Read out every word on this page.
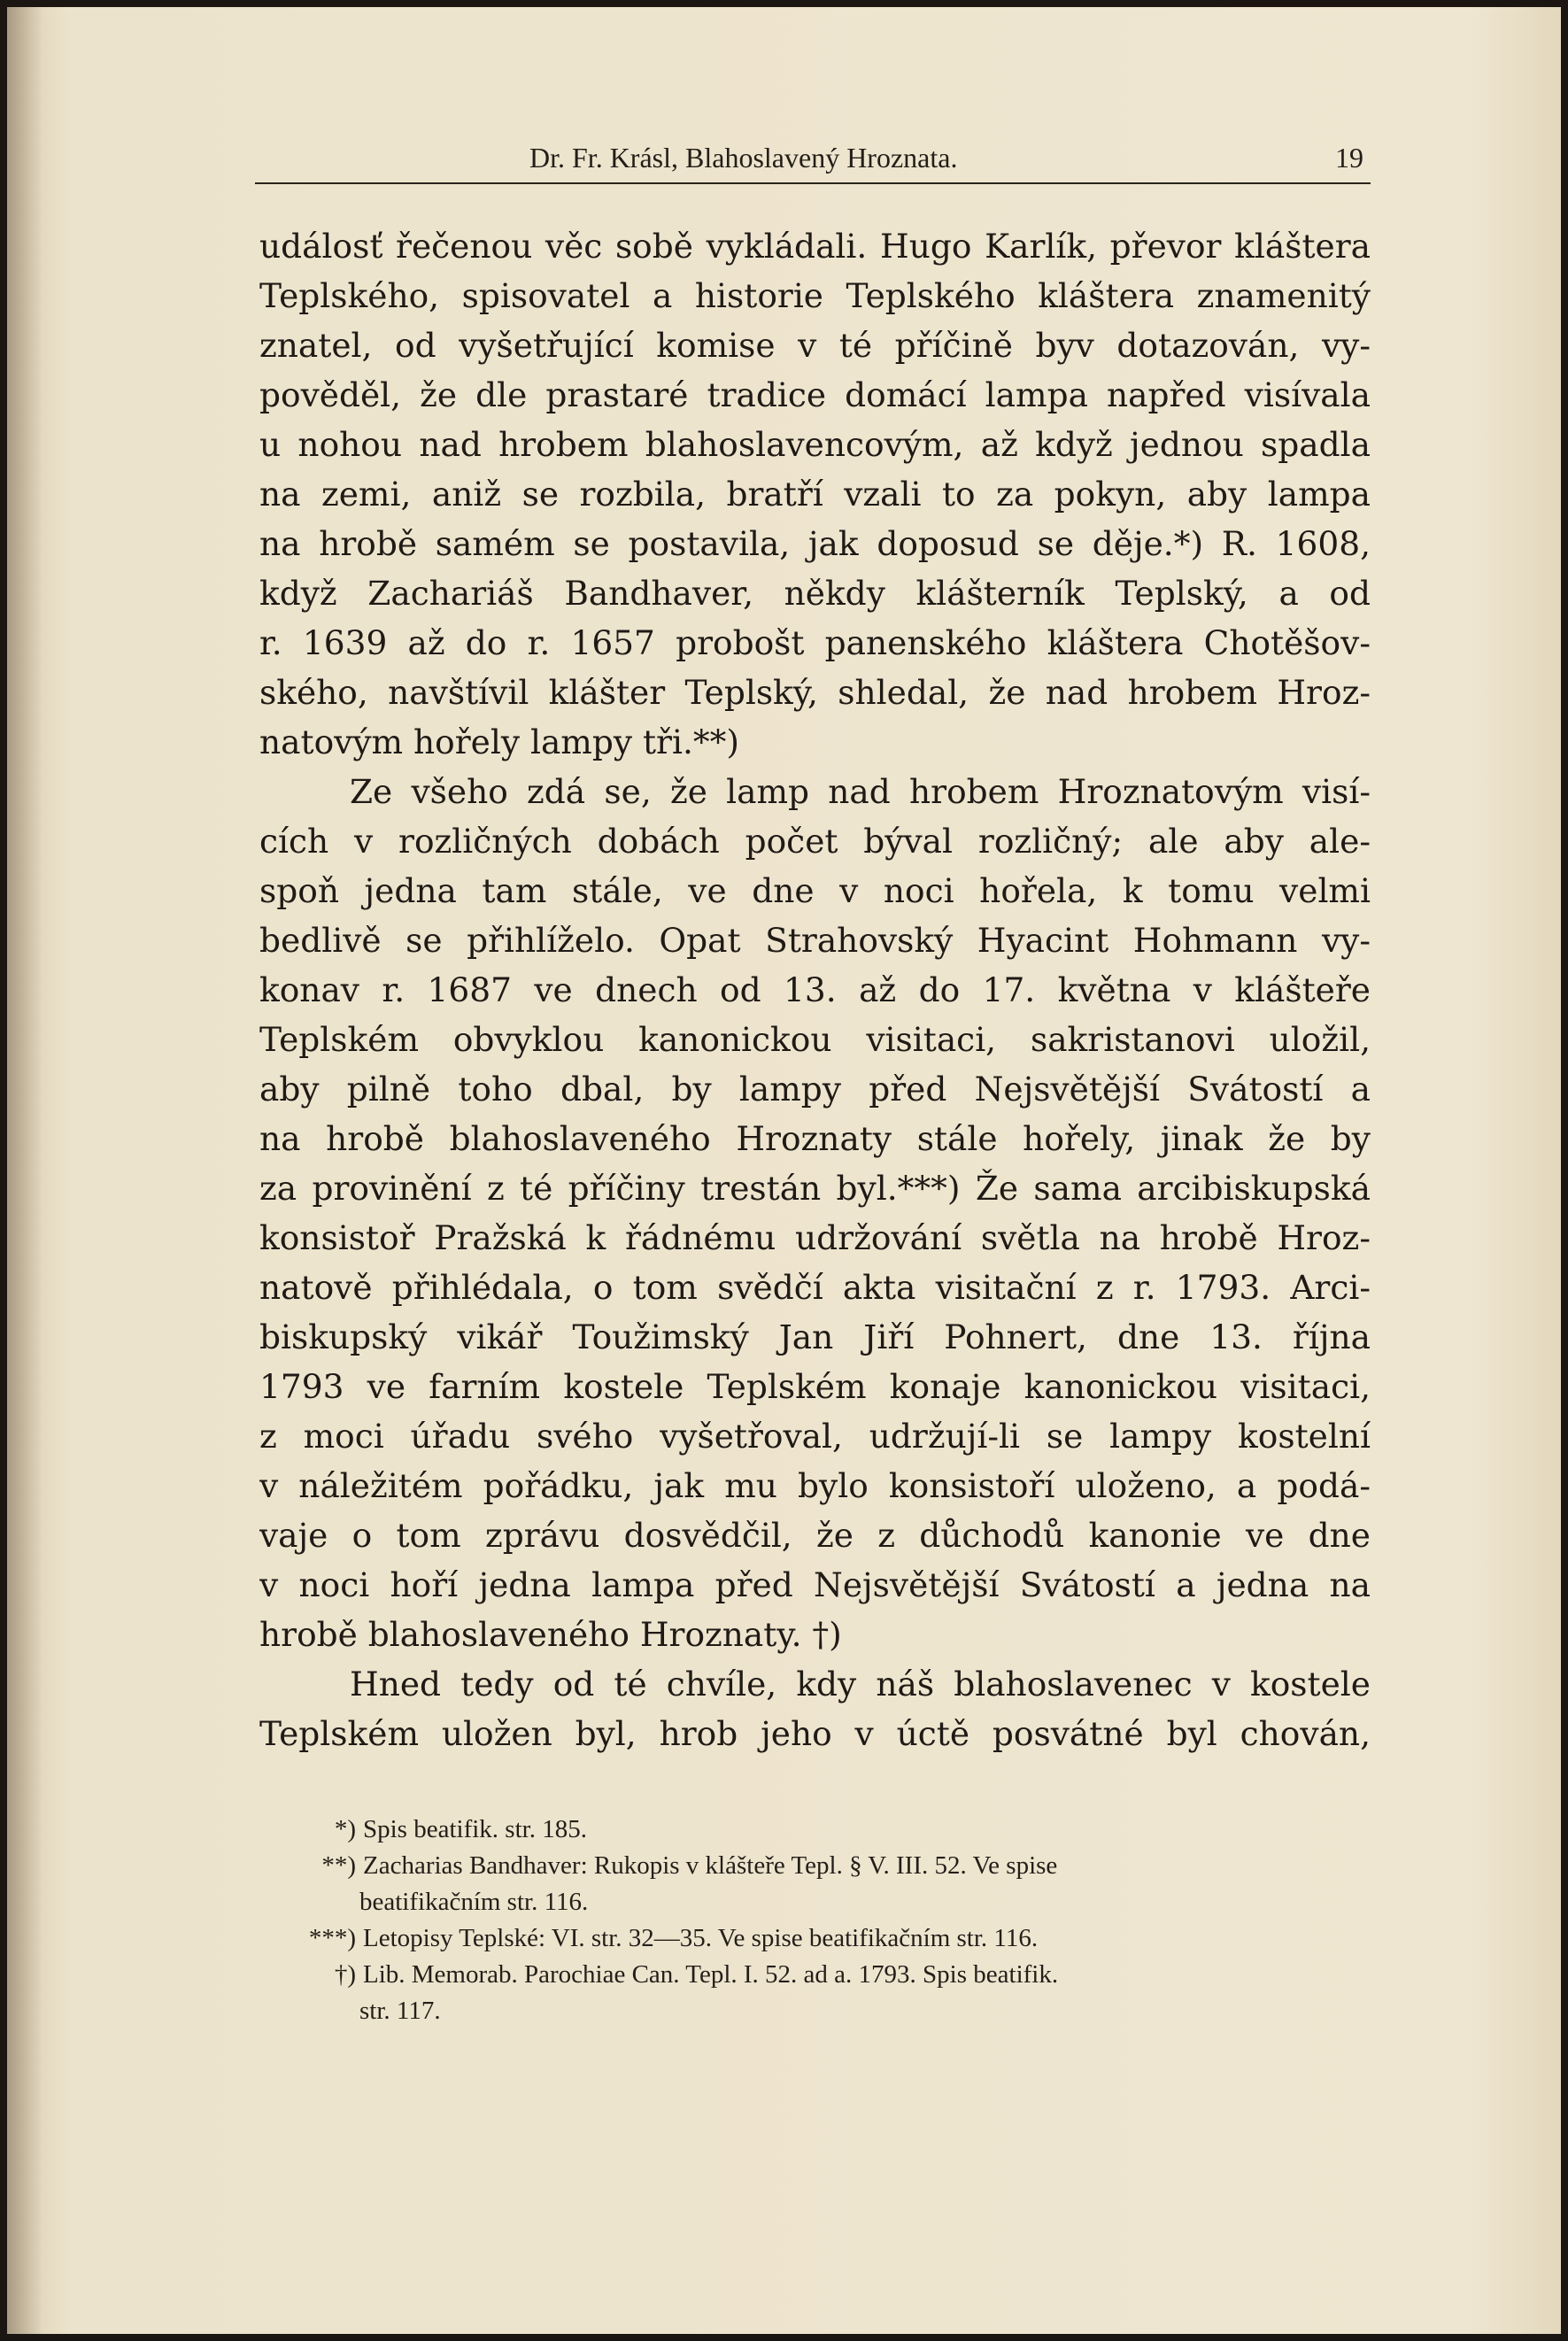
Dr. Fr. Krásl, Blahoslavený Hroznata.	19
událosť řečenou věc sobě vykládali. Hugo Karlík, převor kláštera
Teplského, spisovatel a historie Teplského kláštera znamenitý
znatel, od vyšetřující komise v té příčině byv dotazován, vy-
pověděl, že dle prastaré tradice domácí lampa napřed visívala
u nohou nad hrobem blahoslavencovým, až když jednou spadla
na zemi, aniž se rozbila, bratří vzali to za pokyn, aby lampa
na hrobě samém se postavila, jak doposud se děje.*) R. 1608,
když Zachariáš Bandhaver, někdy klášterník Teplský, a od
r. 1639 až do r. 1657 probošt panenského kláštera Chotěšov-
ského, navštívil klášter Teplský, shledal, že nad hrobem Hroz-
natovým hořely lampy tři.**)
Ze všeho zdá se, že lamp nad hrobem Hroznatovým visí-
cích v rozličných dobách počet býval rozličný; ale aby ale-
spoň jedna tam stále, ve dne v noci hořela, k tomu velmi
bedlivě se přihlíželo. Opat Strahovský Hyacint Hohmann vy-
konav r. 1687 ve dnech od 13. až do 17. května v klášteře
Teplském obvyklou kanonickou visitaci, sakristanovi uložil,
aby pilně toho dbal, by lampy před Nejsvětější Svátostí a
na hrobě blahoslaveného Hroznaty stále hořely, jinak že by
za provinění z té příčiny trestán byl.***) Že sama arcibiskupská
konsistoř Pražská k řádnému udržování světla na hrobě Hroz-
natově přihlédala, o tom svědčí akta visitační z r. 1793. Arci-
biskupský vikář Toužimský Jan Jiří Pohnert, dne 13. října
1793 ve farním kostele Teplském konaje kanonickou visitaci,
z moci úřadu svého vyšetřoval, udržují-li se lampy kostelní
v náležitém pořádku, jak mu bylo konsistoří uloženo, a podá-
vaje o tom zprávu dosvědčil, že z důchodů kanonie ve dne
v noci hoří jedna lampa před Nejsvětější Svátostí a jedna na
hrobě blahoslaveného Hroznaty. †)
Hned tedy od té chvíle, kdy náš blahoslavenec v kostele
Teplském uložen byl, hrob jeho v úctě posvátné byl chován,
*) Spis beatifik. str. 185.
**) Zacharias Bandhaver: Rukopis v klášteře Tepl. § V. III. 52. Ve spise
beatifikačním str. 116.
***) Letopisy Teplské: VI. str. 32—35. Ve spise beatifikačním str. 116.
†) Lib. Memorab. Parochiae Can. Tepl. I. 52. ad a. 1793. Spis beatifik.
str. 117.
